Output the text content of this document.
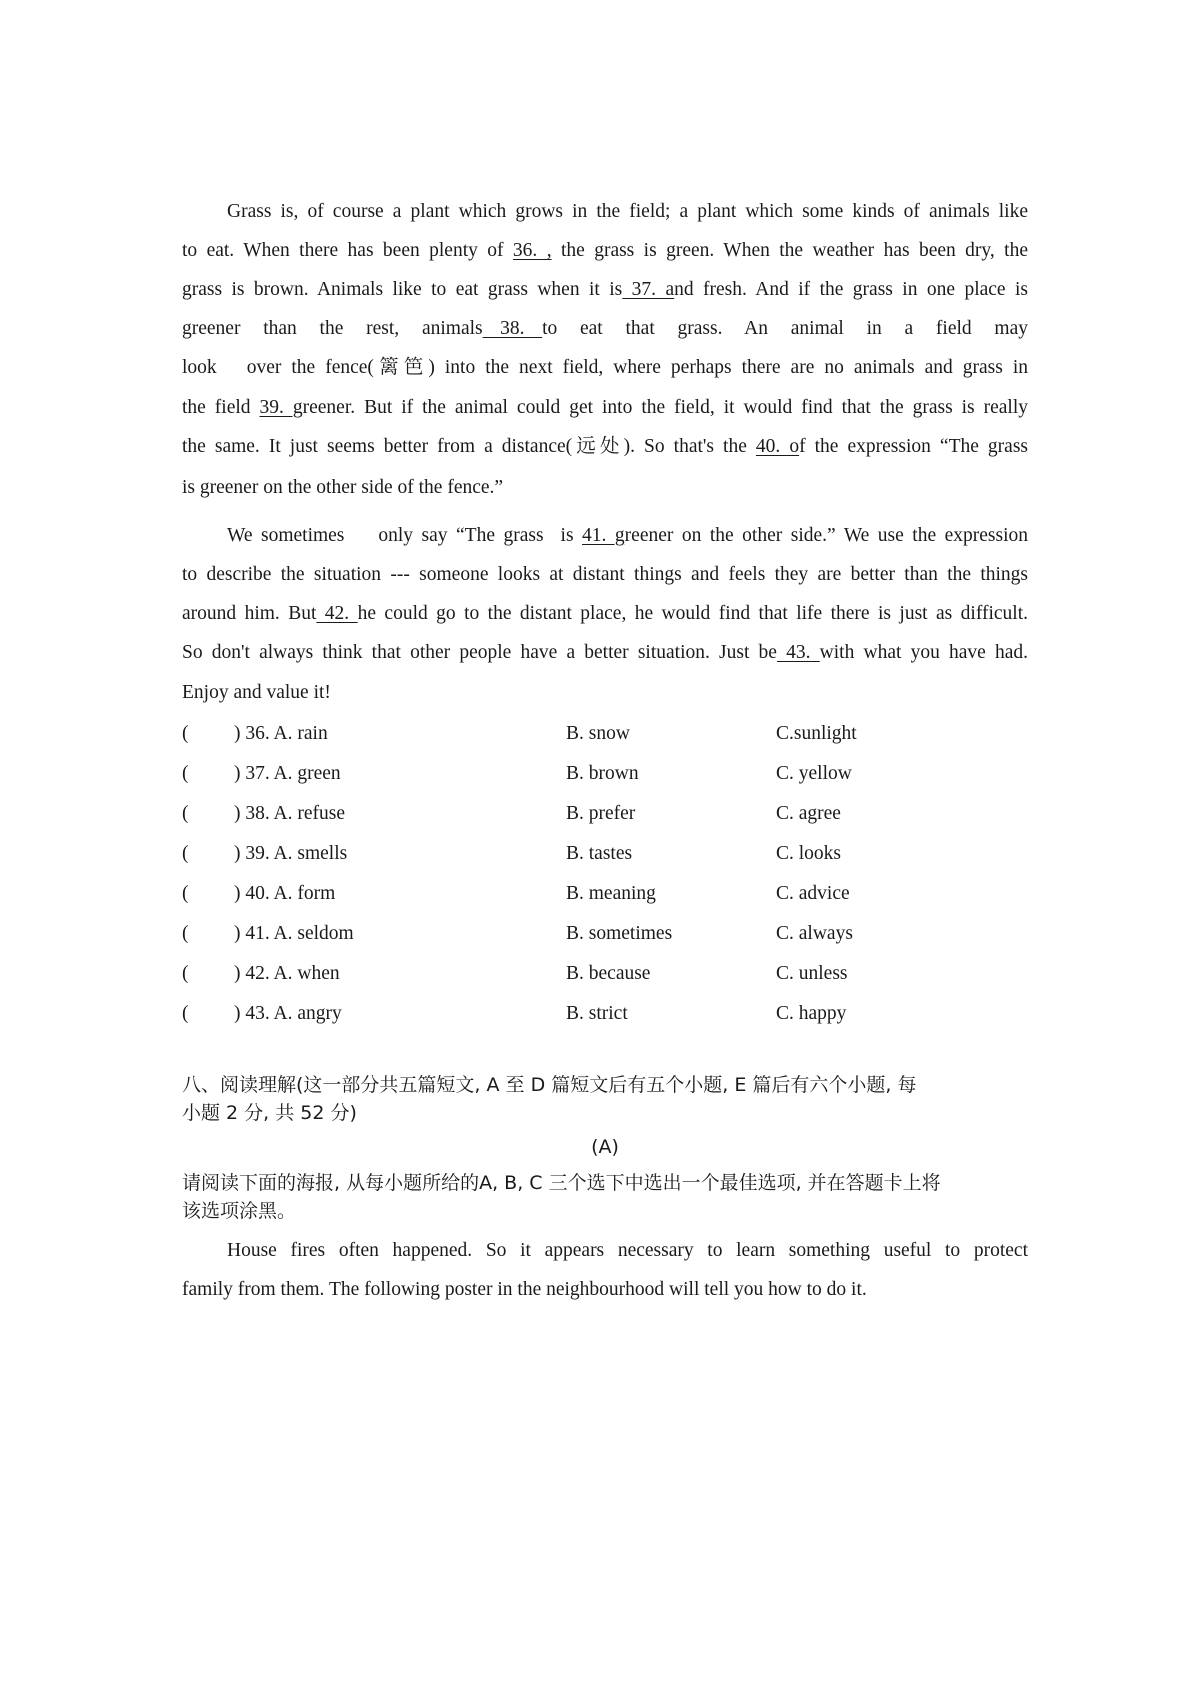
Grass is, of course a plant which grows in the field; a plant which some kinds of animals like
to eat. When there has been plenty of 36. , the grass is green. When the weather has been dry, the
grass is brown. Animals like to eat grass when it is 37. and fresh. And if the grass in one place is
greener than the rest, animals  38.  to eat that grass. An animal in a field may
look   over the fence(篱笆) into the next field, where perhaps there are no animals and grass in
the field 39. greener. But if the animal could get into the field, it would find that the grass is really
the same. It just seems better from a distance(远处). So that's the 40. of the expression “The grass
is greener on the other side of the fence.”
We sometimes    only say “The grass  is 41. greener on the other side.” We use the expression
to describe the situation --- someone looks at distant things and feels they are better than the things
around him. But 42. he could go to the distant place, he would find that life there is just as difficult.
So don't always think that other people have a better situation. Just be 43. with what you have had.
Enjoy and value it!
( ) 36. A. rain	B. snow	C.sunlight
( ) 37. A. green	B. brown	C. yellow
( ) 38. A. refuse	B. prefer	C. agree
( ) 39. A. smells	B. tastes	C. looks
( ) 40. A. form	B. meaning	C. advice
( ) 41. A. seldom	B. sometimes	C. always
( ) 42. A. when	B. because	C. unless
( ) 43. A. angry	B. strict	C. happy
八、阅读理解(这一部分共五篇短文, A 至 D 篇短文后有五个小题, E 篇后有六个小题, 每
小题 2 分, 共 52 分)
(A)
请阅读下面的海报, 从每小题所给的A, B, C 三个选下中选出一个最佳选项, 并在答题卡上将
该选项涂黑。
House fires often happened. So it appears necessary to learn something useful to protect
family from them. The following poster in the neighbourhood will tell you how to do it.
